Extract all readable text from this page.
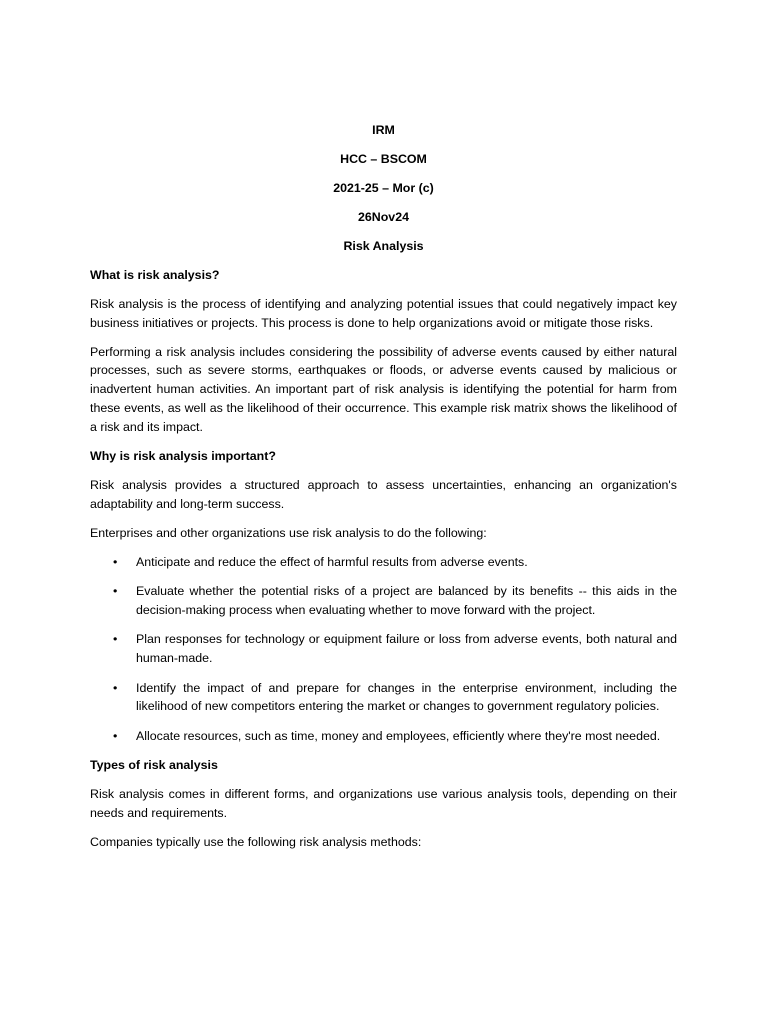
IRM
HCC – BSCOM
2021-25 – Mor (c)
26Nov24
Risk Analysis
What is risk analysis?

Risk analysis is the process of identifying and analyzing potential issues that could negatively impact key business initiatives or projects. This process is done to help organizations avoid or mitigate those risks.

Performing a risk analysis includes considering the possibility of adverse events caused by either natural processes, such as severe storms, earthquakes or floods, or adverse events caused by malicious or inadvertent human activities. An important part of risk analysis is identifying the potential for harm from these events, as well as the likelihood of their occurrence. This example risk matrix shows the likelihood of a risk and its impact.

Why is risk analysis important?

Risk analysis provides a structured approach to assess uncertainties, enhancing an organization's adaptability and long-term success.

Enterprises and other organizations use risk analysis to do the following:

• Anticipate and reduce the effect of harmful results from adverse events.
• Evaluate whether the potential risks of a project are balanced by its benefits -- this aids in the decision-making process when evaluating whether to move forward with the project.
• Plan responses for technology or equipment failure or loss from adverse events, both natural and human-made.
• Identify the impact of and prepare for changes in the enterprise environment, including the likelihood of new competitors entering the market or changes to government regulatory policies.
• Allocate resources, such as time, money and employees, efficiently where they're most needed.
Types of risk analysis

Risk analysis comes in different forms, and organizations use various analysis tools, depending on their needs and requirements.

Companies typically use the following risk analysis methods:
